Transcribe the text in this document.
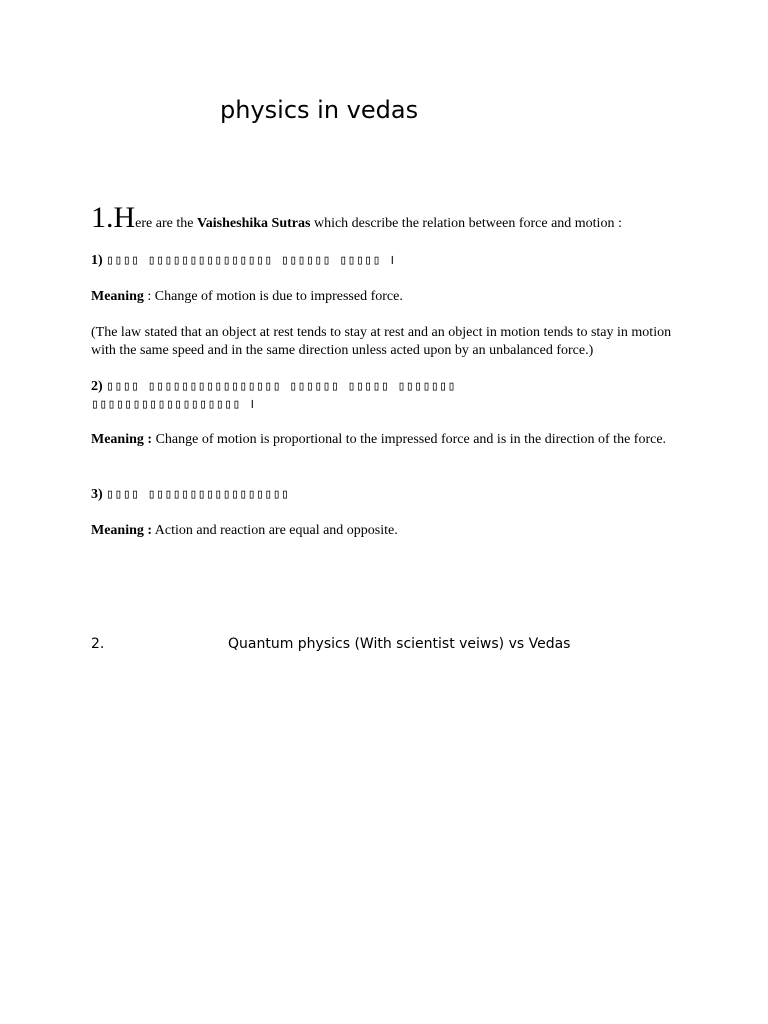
physics in vedas
1.Here are the Vaisheshika Sutras which describe the relation between force and motion :
1) ▯▯▯▯ ▯▯▯▯▯▯▯▯▯▯▯▯▯▯▯ ▯▯▯▯▯▯ ▯▯▯▯▯ ।
Meaning : Change of motion is due to impressed force.
(The law stated that an object at rest tends to stay at rest and an object in motion tends to stay in motion with the same speed and in the same direction unless acted upon by an unbalanced force.)
2) ▯▯▯▯ ▯▯▯▯▯▯▯▯▯▯▯▯▯▯▯▯ ▯▯▯▯▯▯ ▯▯▯▯▯ ▯▯▯▯▯▯▯
▯▯▯▯▯▯▯▯▯▯▯▯▯▯▯▯▯▯ ।
Meaning : Change of motion is proportional to the impressed force and is in the direction of the force.
3) ▯▯▯▯ ▯▯▯▯▯▯▯▯▯▯▯▯▯▯▯▯▯
Meaning : Action and reaction are equal and opposite.
2.	Quantum physics (With scientist veiws) vs Vedas
